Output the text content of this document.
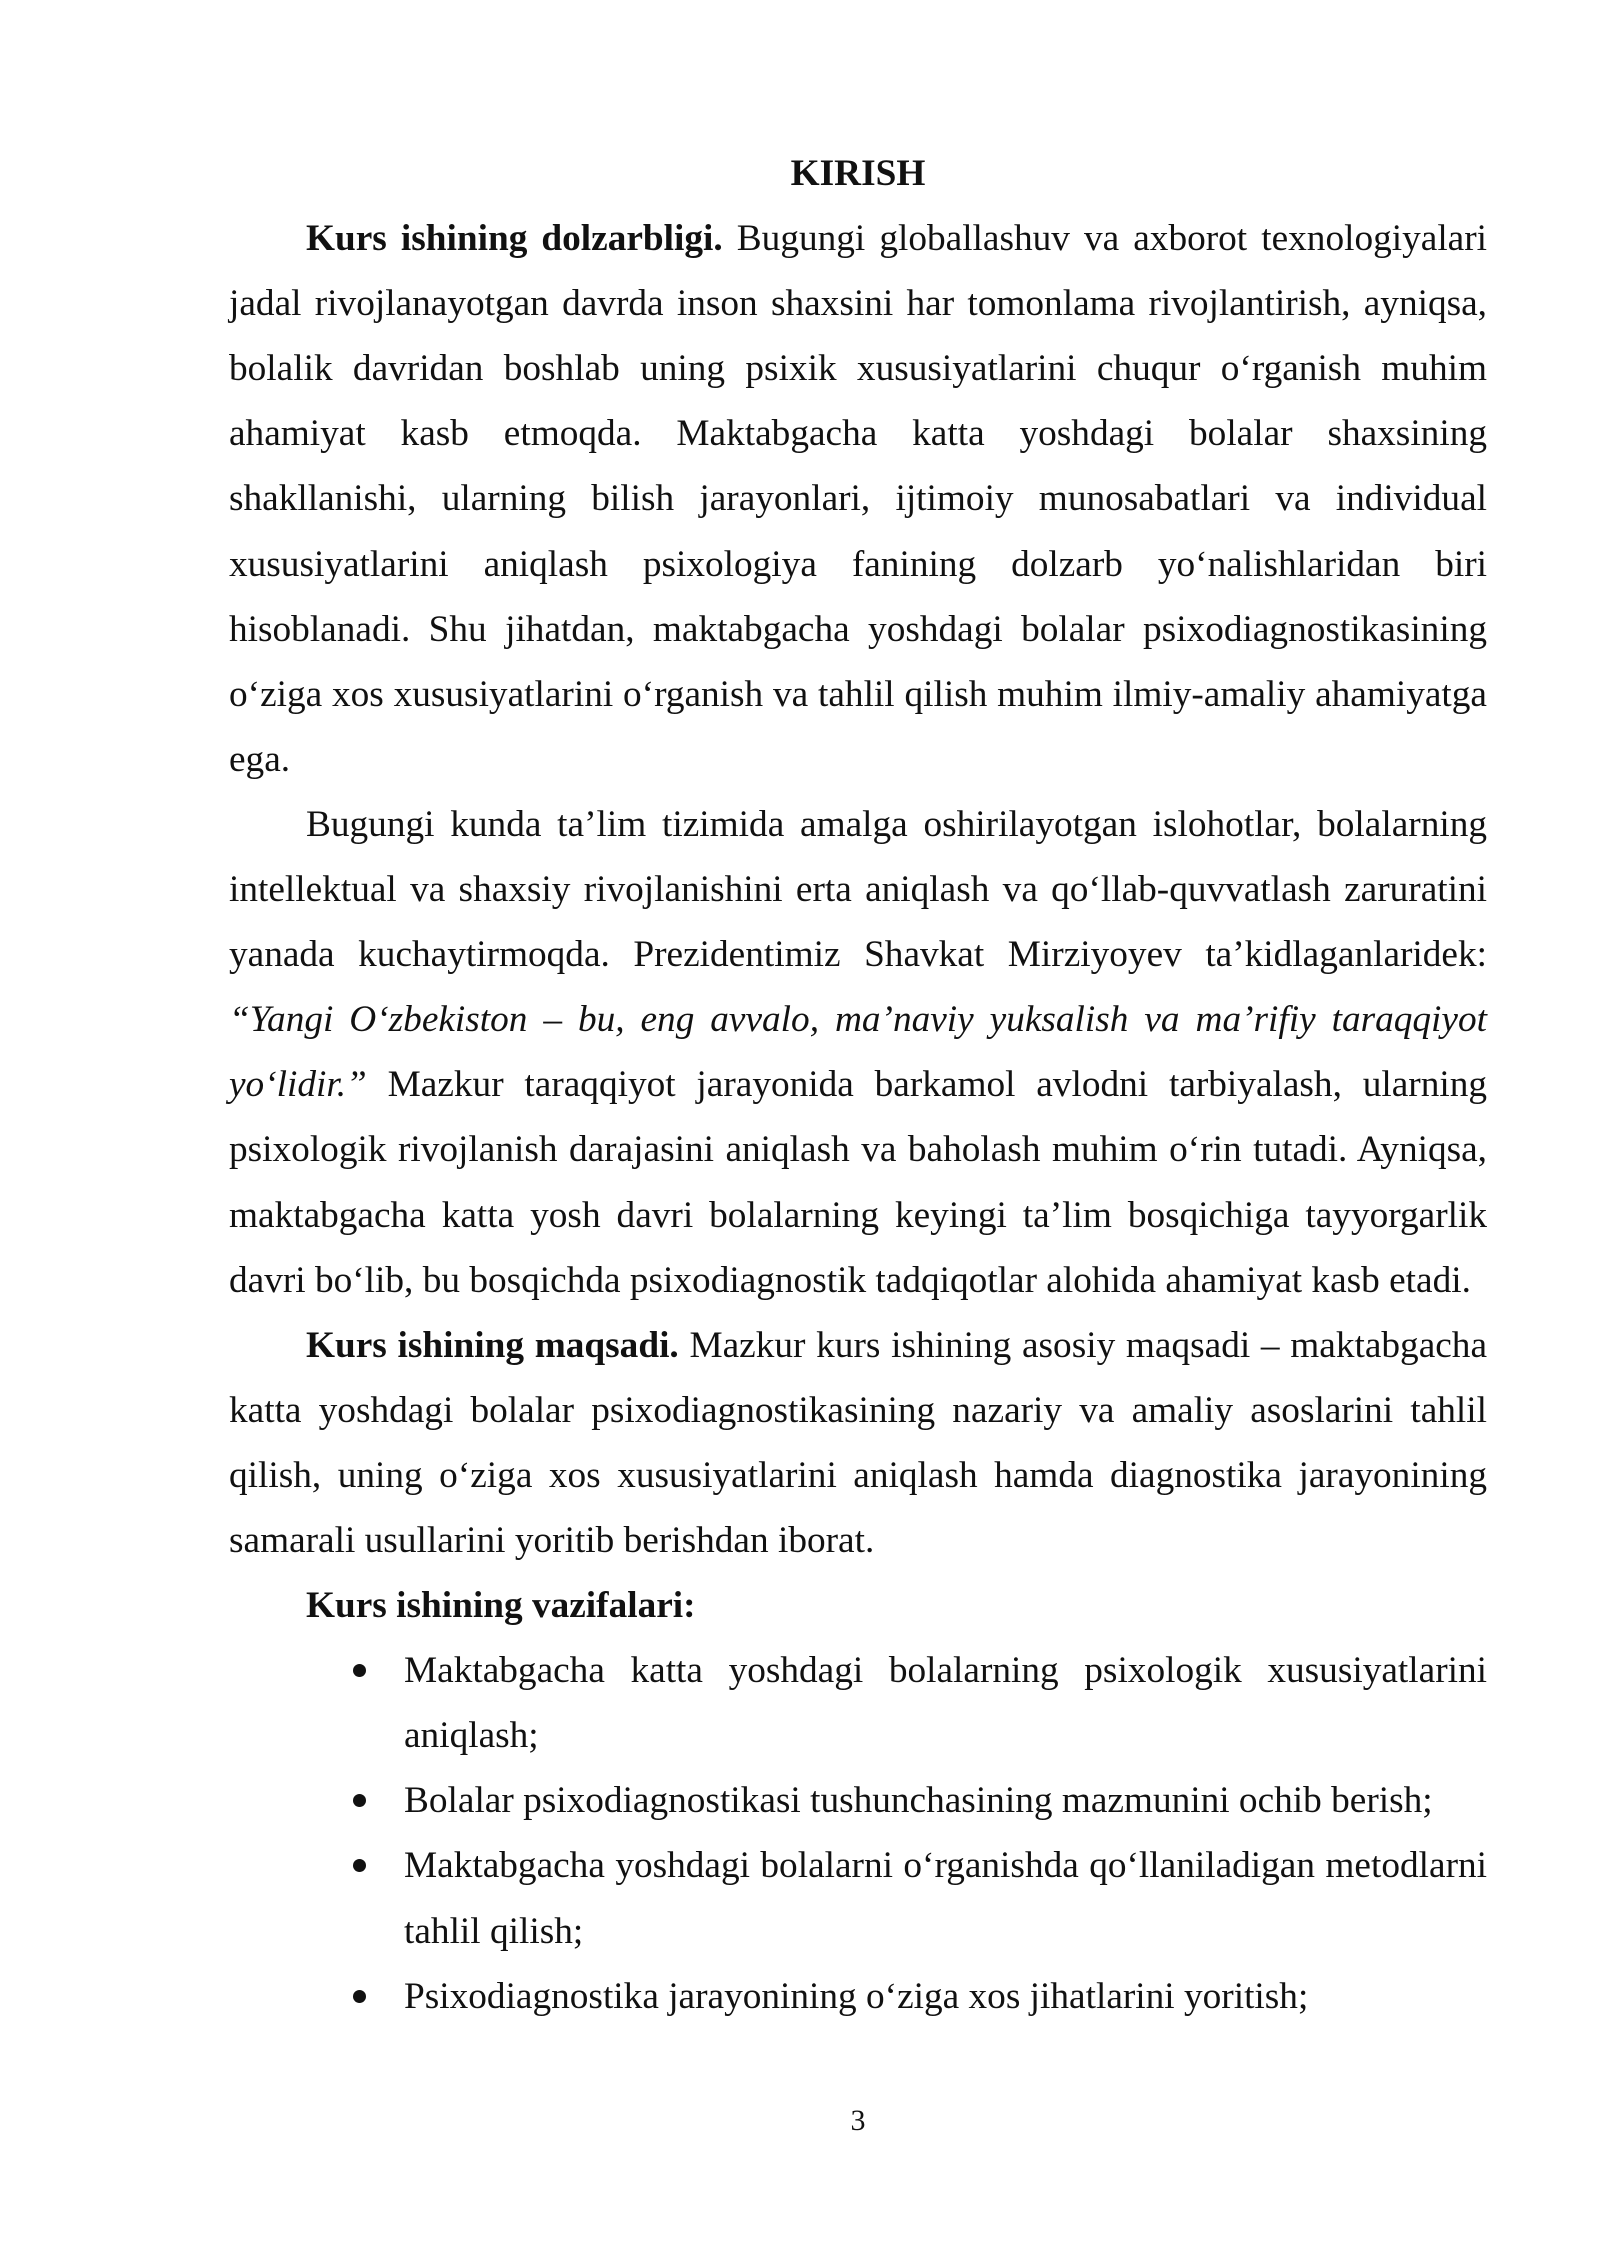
KIRISH
Kurs ishining dolzarbligi. Bugungi globallashuv va axborot texnologiyalari
jadal rivojlanayotgan davrda inson shaxsini har tomonlama rivojlantirish, ayniqsa,
bolalik davridan boshlab uning psixik xususiyatlarini chuqur o‘rganish muhim
ahamiyat kasb etmoqda. Maktabgacha katta yoshdagi bolalar shaxsining
shakllanishi, ularning bilish jarayonlari, ijtimoiy munosabatlari va individual
xususiyatlarini aniqlash psixologiya fanining dolzarb yo‘nalishlaridan biri
hisoblanadi. Shu jihatdan, maktabgacha yoshdagi bolalar psixodiagnostikasining
o‘ziga xos xususiyatlarini o‘rganish va tahlil qilish muhim ilmiy-amaliy ahamiyatga
ega.
Bugungi kunda ta’lim tizimida amalga oshirilayotgan islohotlar, bolalarning
intellektual va shaxsiy rivojlanishini erta aniqlash va qo‘llab-quvvatlash zaruratini
yanada kuchaytirmoqda. Prezidentimiz Shavkat Mirziyoyev ta’kidlaganlaridek:
“Yangi O‘zbekiston – bu, eng avvalo, ma’naviy yuksalish va ma’rifiy taraqqiyot
yo‘lidir.” Mazkur taraqqiyot jarayonida barkamol avlodni tarbiyalash, ularning
psixologik rivojlanish darajasini aniqlash va baholash muhim o‘rin tutadi. Ayniqsa,
maktabgacha katta yosh davri bolalarning keyingi ta’lim bosqichiga tayyorgarlik
davri bo‘lib, bu bosqichda psixodiagnostik tadqiqotlar alohida ahamiyat kasb etadi.
Kurs ishining maqsadi. Mazkur kurs ishining asosiy maqsadi – maktabgacha
katta yoshdagi bolalar psixodiagnostikasining nazariy va amaliy asoslarini tahlil
qilish, uning o‘ziga xos xususiyatlarini aniqlash hamda diagnostika jarayonining
samarali usullarini yoritib berishdan iborat.
Kurs ishining vazifalari:
Maktabgacha katta yoshdagi bolalarning psixologik xususiyatlarini
aniqlash;
Bolalar psixodiagnostikasi tushunchasining mazmunini ochib berish;
Maktabgacha yoshdagi bolalarni o‘rganishda qo‘llaniladigan metodlarni
tahlil qilish;
Psixodiagnostika jarayonining o‘ziga xos jihatlarini yoritish;
3
